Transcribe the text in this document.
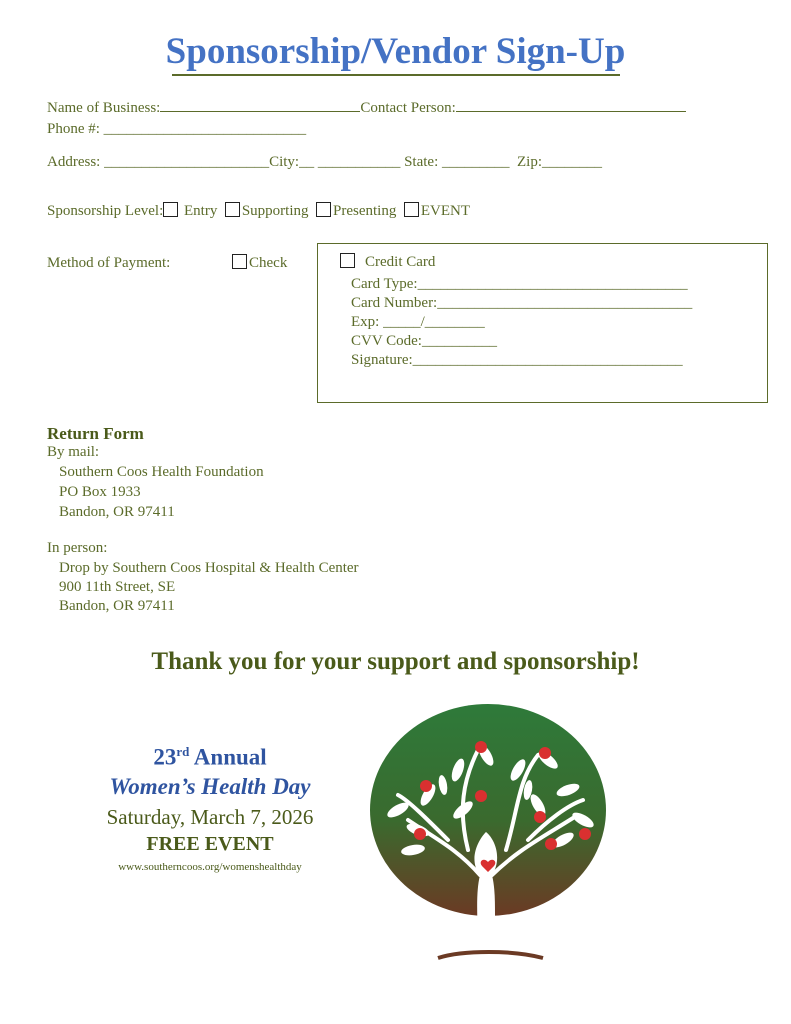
Sponsorship/Vendor Sign-Up
Name of Business:	Contact Person:
Phone #: ___________________________
Address: ______________________City:__ ___________ State: _________ Zip:________
Sponsorship Level: Entry Supporting Presenting EVENT
Method of Payment:	Check	Credit Card
Card Type:____________________________________
Card Number:__________________________________
Exp: _____/________
CVV Code:__________
Signature:____________________________________
Return Form
By mail:
Southern Coos Health Foundation
PO Box 1933
Bandon, OR 97411
In person:
Drop by Southern Coos Hospital & Health Center
900 11th Street, SE
Bandon, OR 97411
Thank you for your support and sponsorship!
23rd Annual
Women’s Health Day
Saturday, March 7, 2026
FREE EVENT
www.southerncoos.org/womenshealthday
